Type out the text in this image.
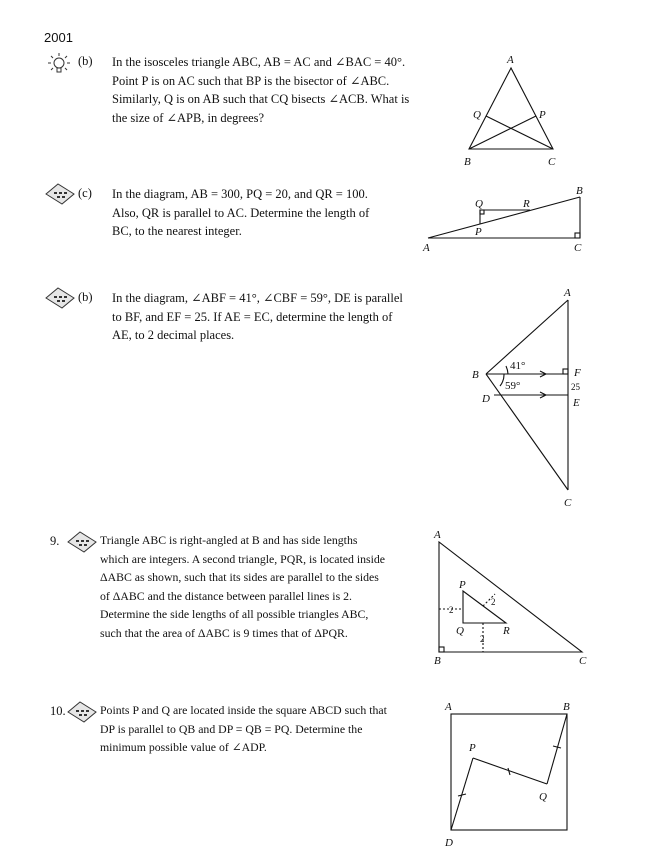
2001
(b) In the isosceles triangle ABC, AB = AC and ∠BAC = 40°.
Point P is on AC such that BP is the bisector of ∠ABC.
Similarly, Q is on AB such that CQ bisects ∠ACB. What is
the size of ∠APB, in degrees?
A
Q	P
B	C
(c) In the diagram, AB = 300, PQ = 20, and QR = 100.
Also, QR is parallel to AC. Determine the length of
BC, to the nearest integer.
B
Q	R
P
A	C
(b) In the diagram, ∠ABF = 41°, ∠CBF = 59°, DE is parallel
to BF, and EF = 25. If AE = EC, determine the length of
AE, to 2 decimal places.
A
B
D
F
E
C
41°
59°	25
9.	Triangle ABC is right-angled at B and has side lengths
which are integers. A second triangle, PQR, is located inside
ΔABC as shown, such that its sides are parallel to the sides
of ΔABC and the distance between parallel lines is 2.
Determine the side lengths of all possible triangles ABC,
such that the area of ΔABC is 9 times that of ΔPQR.
A
B	C
P
Q	R
2
2
2
10.	Points P and Q are located inside the square ABCD such that
DP is parallel to QB and DP = QB = PQ. Determine the
minimum possible value of ∠ADP.
A	B
D
P
Q
